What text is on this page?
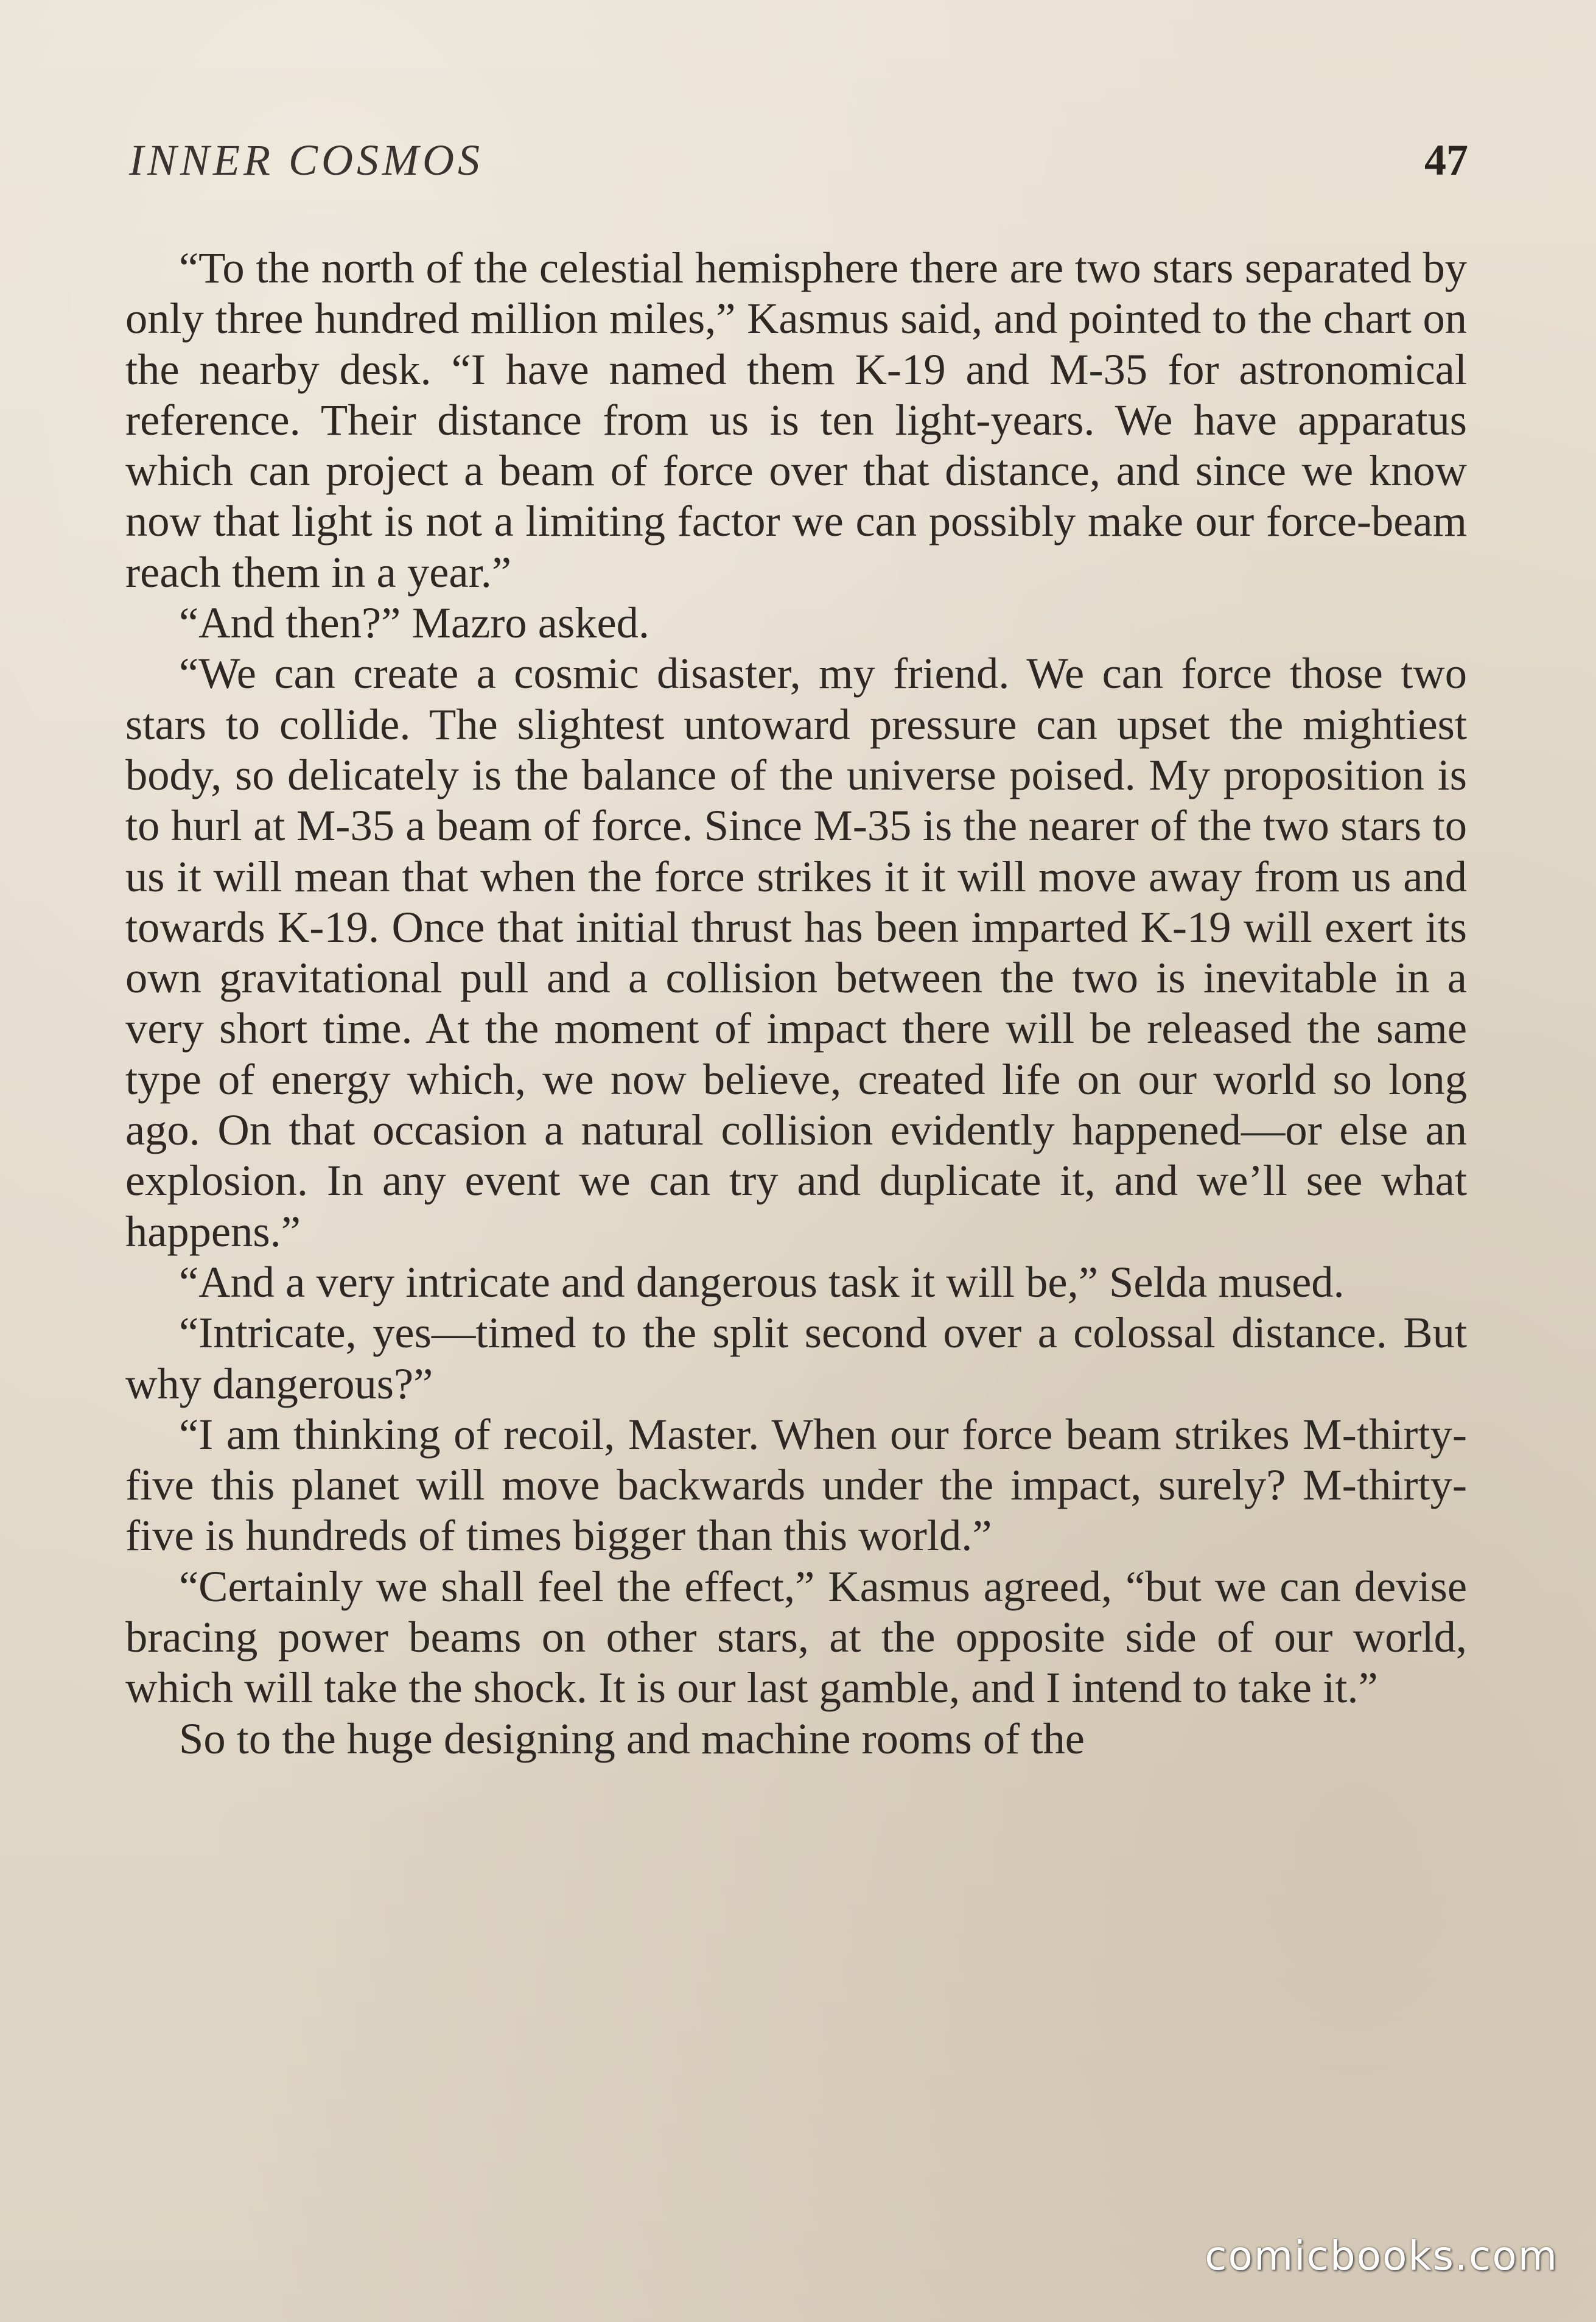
INNER COSMOS	47

“To the north of the celestial hemisphere there are two stars separated by only three hundred million miles,” Kasmus said, and pointed to the chart on the nearby desk. “I have named them K-19 and M-35 for astronomical reference. Their distance from us is ten light-years. We have apparatus which can project a beam of force over that distance, and since we know now that light is not a limiting factor we can possibly make our force-beam reach them in a year.”

“And then?” Mazro asked.

“We can create a cosmic disaster, my friend. We can force those two stars to collide. The slightest untoward pressure can upset the mightiest body, so delicately is the balance of the universe poised. My proposition is to hurl at M-35 a beam of force. Since M-35 is the nearer of the two stars to us it will mean that when the force strikes it it will move away from us and towards K-19. Once that initial thrust has been imparted K-19 will exert its own gravitational pull and a collision between the two is inevitable in a very short time. At the moment of impact there will be released the same type of energy which, we now believe, created life on our world so long ago. On that occasion a natural collision evidently happened—or else an explosion. In any event we can try and duplicate it, and we’ll see what happens.”

“And a very intricate and dangerous task it will be,” Selda mused.

“Intricate, yes—timed to the split second over a colossal distance. But why dangerous?”

“I am thinking of recoil, Master. When our force beam strikes M-thirty-five this planet will move backwards under the impact, surely? M-thirty-five is hundreds of times bigger than this world.”

“Certainly we shall feel the effect,” Kasmus agreed, “but we can devise bracing power beams on other stars, at the opposite side of our world, which will take the shock. It is our last gamble, and I intend to take it.”

So to the huge designing and machine rooms of the

comicbooks.com
